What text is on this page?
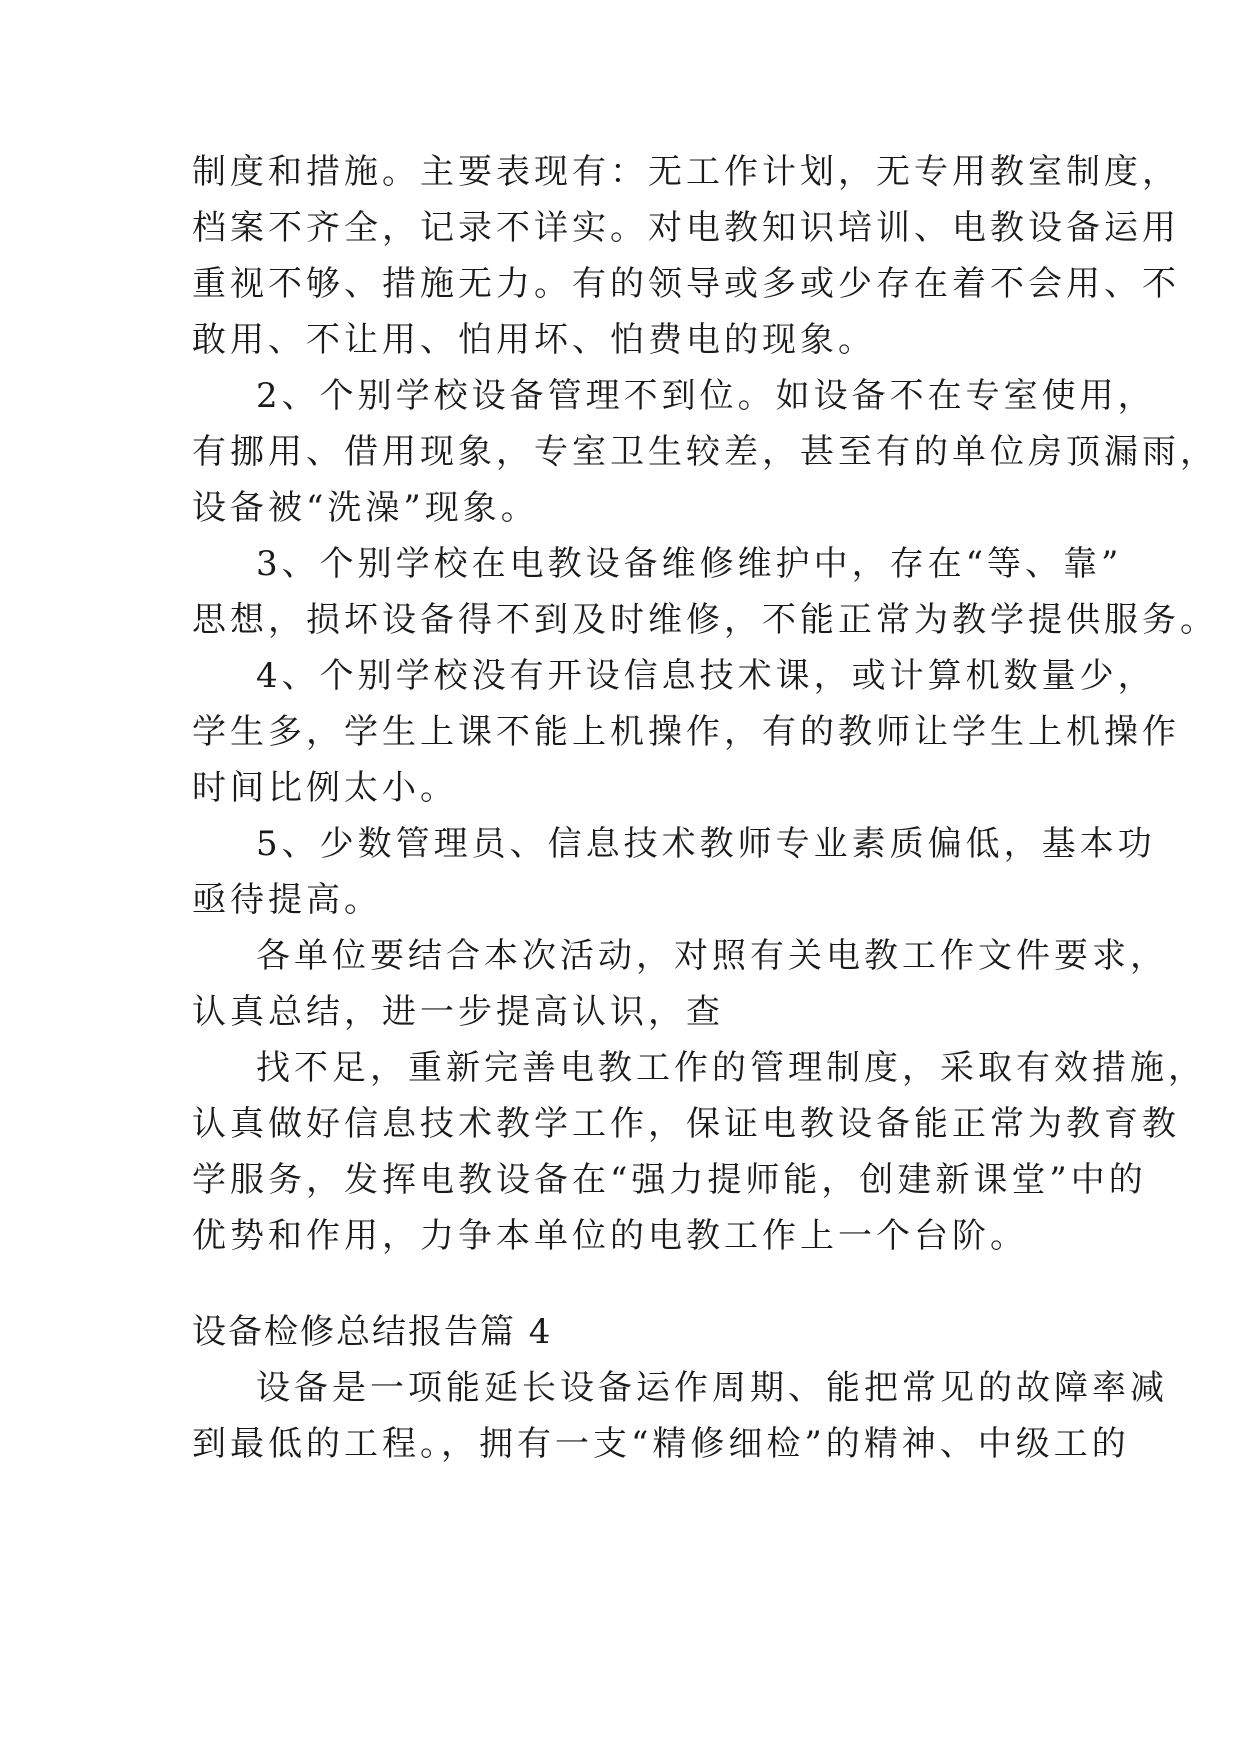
制度和措施。主要表现有：无工作计划，无专用教室制度，
档案不齐全，记录不详实。对电教知识培训、电教设备运用
重视不够、措施无力。有的领导或多或少存在着不会用、不
敢用、不让用、怕用坏、怕费电的现象。
2、个别学校设备管理不到位。如设备不在专室使用，
有挪用、借用现象，专室卫生较差，甚至有的单位房顶漏雨，
设备被“洗澡”现象。
3、个别学校在电教设备维修维护中，存在“等、靠”
思想，损坏设备得不到及时维修，不能正常为教学提供服务。
4、个别学校没有开设信息技术课，或计算机数量少，
学生多，学生上课不能上机操作，有的教师让学生上机操作
时间比例太小。
5、少数管理员、信息技术教师专业素质偏低，基本功
亟待提高。
各单位要结合本次活动，对照有关电教工作文件要求，
认真总结，进一步提高认识，查
找不足，重新完善电教工作的管理制度，采取有效措施，
认真做好信息技术教学工作，保证电教设备能正常为教育教
学服务，发挥电教设备在“强力提师能，创建新课堂”中的
优势和作用，力争本单位的电教工作上一个台阶。
设备检修总结报告篇 4
设备是一项能延长设备运作周期、能把常见的故障率减
到最低的工程。，拥有一支“精修细检”的精神、中级工的
